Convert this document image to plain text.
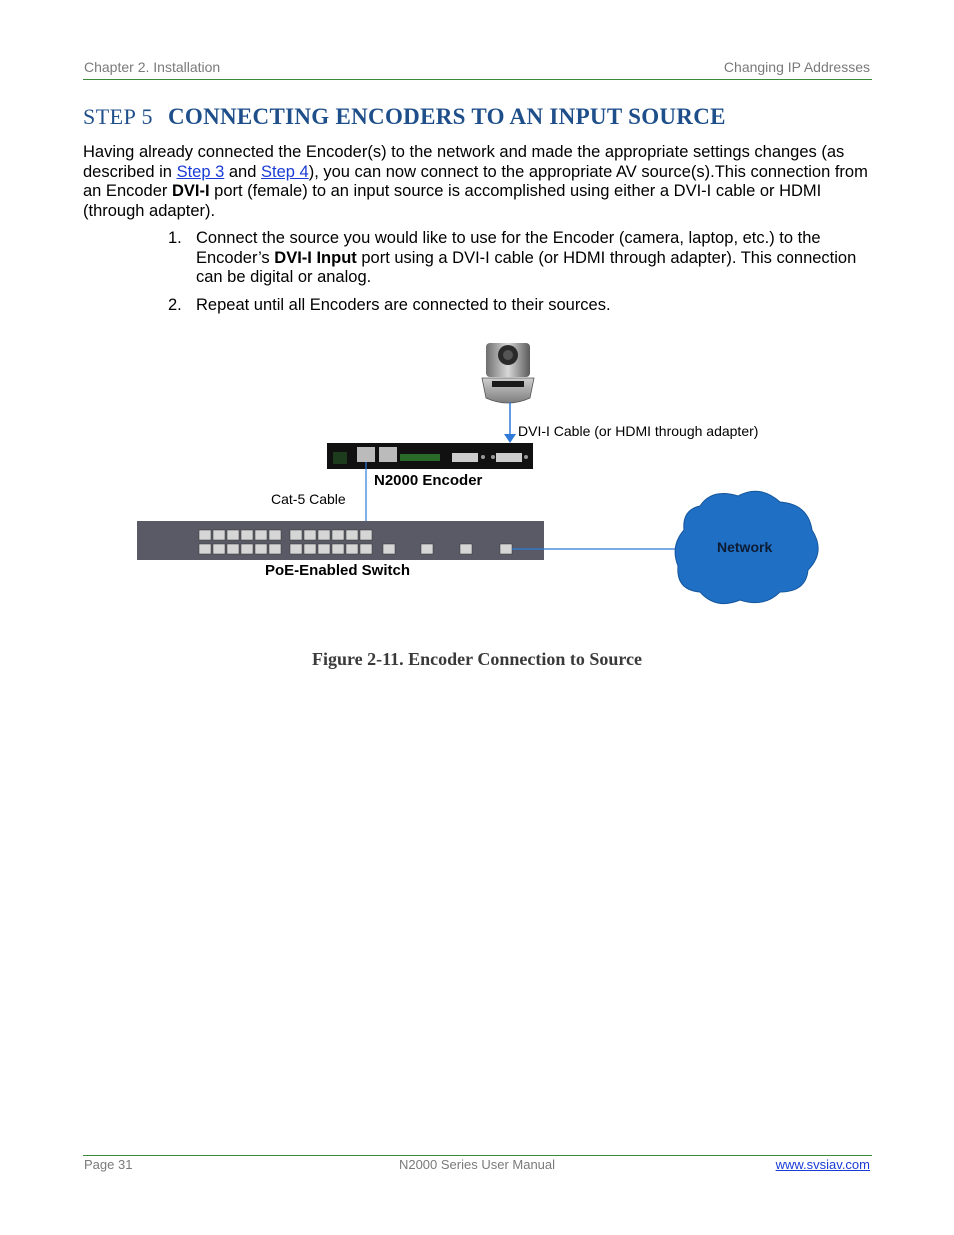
Chapter 2. Installation	Changing IP Addresses
STEP 5 CONNECTING ENCODERS TO AN INPUT SOURCE
Having already connected the Encoder(s) to the network and made the appropriate settings changes (as described in Step 3 and Step 4), you can now connect to the appropriate AV source(s).This connection from an Encoder DVI-I port (female) to an input source is accomplished using either a DVI-I cable or HDMI (through adapter).
1. Connect the source you would like to use for the Encoder (camera, laptop, etc.) to the Encoder’s DVI-I Input port using a DVI-I cable (or HDMI through adapter). This connection can be digital or analog.
2. Repeat until all Encoders are connected to their sources.
DVI-I Cable (or HDMI through adapter)
N2000 Encoder
Cat-5 Cable
PoE-Enabled Switch
Network
Figure 2-11. Encoder Connection to Source
Page 31	N2000 Series User Manual	www.svsiav.com
